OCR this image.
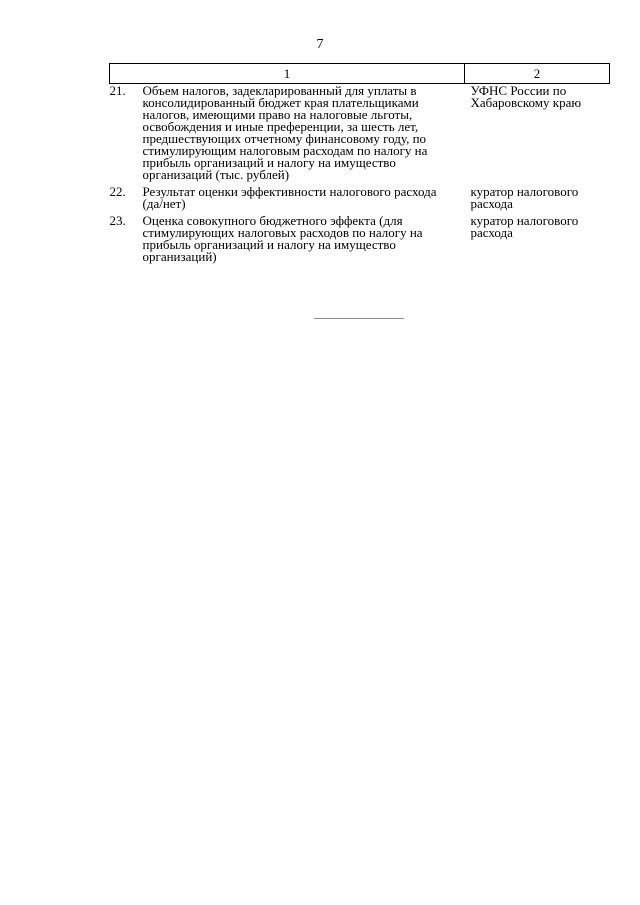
7
1		2
21.	Объем налогов, задекларированный для уплаты в консолидированный бюджет края плательщиками налогов, имеющими право на налоговые льготы, освобождения и иные преференции, за шесть лет, предшествующих отчетному финансовому году, по стимулирующим налоговым расходам по налогу на прибыль организаций и налогу на имущество организаций (тыс. рублей)	УФНС России по Хабаровскому краю
22.	Результат оценки эффективности налогового расхода (да/нет)	куратор налогового расхода
23.	Оценка совокупного бюджетного эффекта (для стимулирующих налоговых расходов по налогу на прибыль организаций и налогу на имущество организаций)	куратор налогового расхода
